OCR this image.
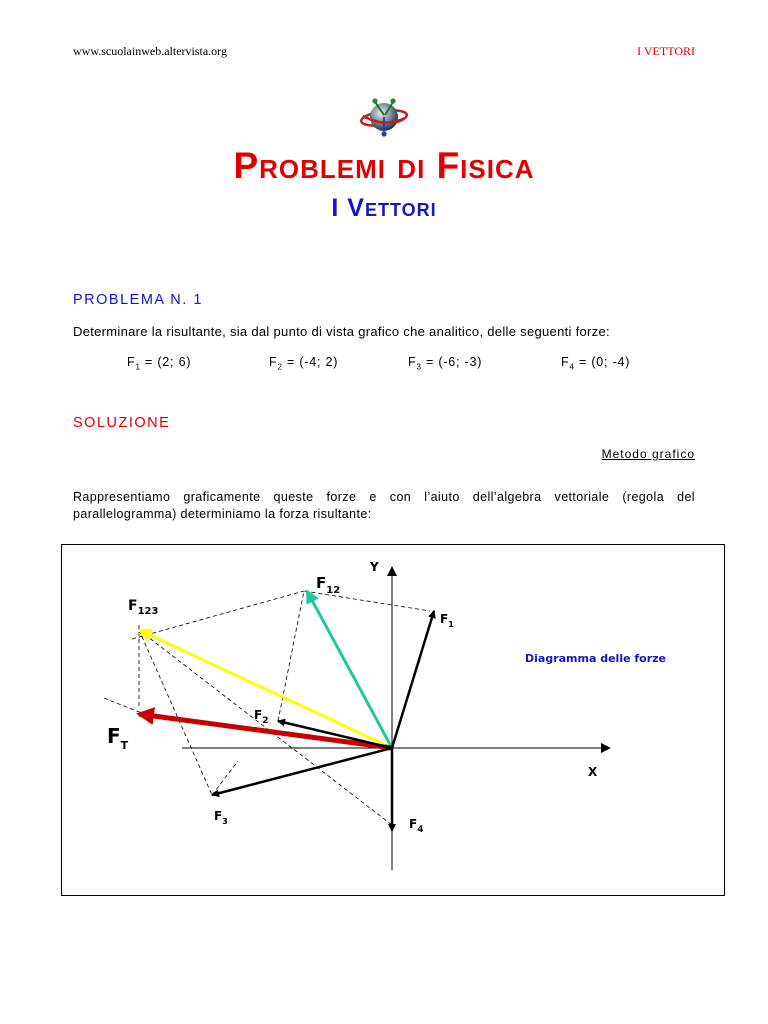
www.scuolainweb.altervista.org	I VETTORI
Problemi di Fisica
I Vettori
PROBLEMA N. 1
Determinare la risultante, sia dal punto di vista grafico che analitico, delle seguenti forze:
$F_1 = (2$; 6)	$F_2 = (-4$; 2)	$F_3 = (-6$; -3)	$F_4 = (0$; -4)
SOLUZIONE
Metodo grafico
Rappresentiamo graficamente queste forze e con l’aiuto dell’algebra vettoriale (regola del parallelogramma) determiniamo la forza risultante:
Y
X
$F_{12}$
$F_{123}$
$F_1$
$F_2$
$F_3$	$F_4$
$F_T$
Diagramma delle forze
